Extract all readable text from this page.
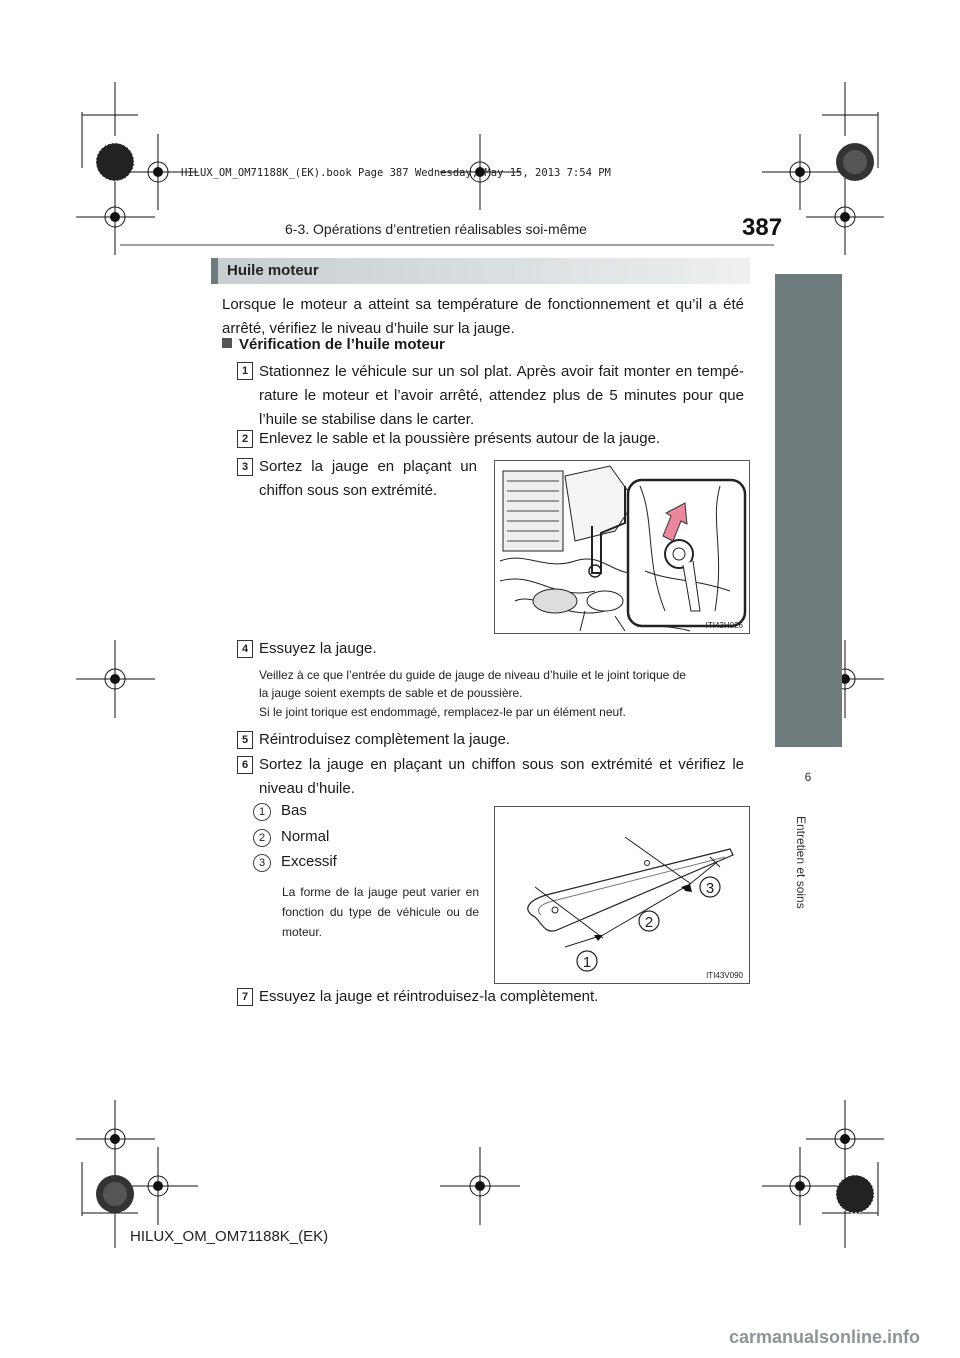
HILUX_OM_OM71188K_(EK).book Page 387 Wednesday, May 15, 2013 7:54 PM
6-3. Opérations d’entretien réalisables soi-même	387
6
Entretien et soins
Huile moteur
Lorsque le moteur a atteint sa température de fonctionnement et qu’il a été arrêté, vérifiez le niveau d’huile sur la jauge.
Vérification de l’huile moteur
1 Stationnez le véhicule sur un sol plat. Après avoir fait monter en température le moteur et l’avoir arrêté, attendez plus de 5 minutes pour que l’huile se stabilise dans le carter.
2 Enlevez le sable et la poussière présents autour de la jauge.
3 Sortez la jauge en plaçant un chiffon sous son extrémité.
ITI43H026
4 Essuyez la jauge.
Veillez à ce que l’entrée du guide de jauge de niveau d’huile et le joint torique de
la jauge soient exempts de sable et de poussière.
Si le joint torique est endommagé, remplacez-le par un élément neuf.
5 Réintroduisez complètement la jauge.
6 Sortez la jauge en plaçant un chiffon sous son extrémité et vérifiez le niveau d’huile.
1	Bas
2	Normal
3	Excessif
La forme de la jauge peut varier en fonction du type de véhicule ou de moteur.
1
2
3
ITI43V090
7 Essuyez la jauge et réintroduisez-la complètement.
HILUX_OM_OM71188K_(EK)
carmanualsonline.info
